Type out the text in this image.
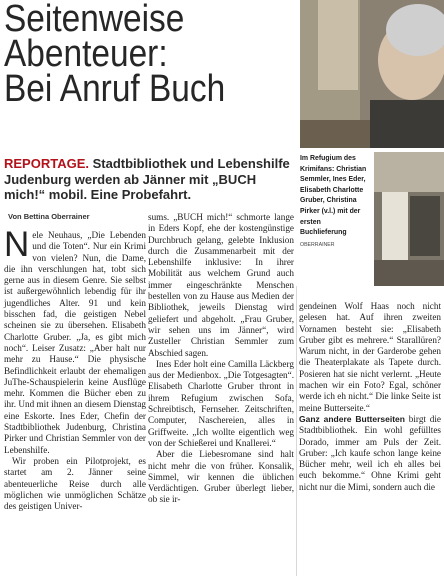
Seitenweise
Abenteuer:
Bei Anruf Buch
Im Refugium des Krimifans: Christian Semmler, Ines Eder, Elisabeth Charlotte Gruber, Christina Pirker (v.l.) mit der ersten Buchlieferung
OBERRAINER
REPORTAGE. Stadtbibliothek und Lebenshilfe Judenburg werden ab Jänner mit „BUCH mich!“ mobil. Eine Probefahrt.
Von Bettina Oberrainer

Nele Neuhaus, „Die Lebenden und die Toten“. Nur ein Krimi von vielen? Nun, die Dame, die ihn verschlungen hat, tobt sich gerne aus in diesem Genre. Sie selbst ist außergewöhnlich lebendig für ihr jugendliches Alter. 91 und kein bisschen fad, die geistigen Nebel scheinen sie zu übersehen. Elisabeth Charlotte Gruber. „Ja, es gibt mich noch“. Leiser Zusatz: „Aber halt nur mehr zu Hause.“ Die physische Befindlichkeit erlaubt der ehemaligen JuThe-Schauspielerin keine Ausflüge mehr. Kommen die Bücher eben zu ihr. Und mit ihnen an diesem Dienstag eine Eskorte. Ines Eder, Chefin der Stadtbibliothek Judenburg, Christina Pirker und Christian Semmler von der Lebenshilfe.

Wir proben ein Pilotprojekt, es startet am 2. Jänner seine abenteuerliche Reise durch alle möglichen wie unmöglichen Schätze des geistigen Univer-

sums. „BUCH mich!“ schmorte lange in Eders Kopf, ehe der kostengünstige Durchbruch gelang, gelebte Inklusion durch die Zusammenarbeit mit der Lebenshilfe inklusive: In ihrer Mobilität aus welchem Grund auch immer eingeschränkte Menschen bestellen von zu Hause aus Medien der Bibliothek, jeweils Dienstag wird geliefert und abgeholt. „Frau Gruber, wir sehen uns im Jänner“, wird Zusteller Christian Semmler zum Abschied sagen.

Ines Eder holt eine Camilla Läckberg aus der Medienbox. „Die Totgesagten“. Elisabeth Charlotte Gruber thront in ihrem Refugium zwischen Sofa, Schreibtisch, Fernseher. Zeitschriften, Computer, Naschereien, alles in Griffweite. „Ich wollte eigentlich weg von der Schießerei und Knallerei.“

Aber die Liebesromane sind halt nicht mehr die von früher. Konsalik, Simmel, wir kennen die üblichen Verdächtigen. Gruber überlegt lieber, ob sie ir-

gendeinen Wolf Haas noch nicht gelesen hat. Auf ihren zweiten Vornamen besteht sie: „Elisabeth Gruber gibt es mehrere.“ Starallüren? Warum nicht, in der Garderobe gehen die Theaterplakate als Tapete durch. Posieren hat sie nicht verlernt. „Heute machen wir ein Foto? Egal, schöner werde ich eh nicht.“ Die linke Seite ist meine Butterseite.“

Ganz andere Butterseiten birgt die Stadtbibliothek. Ein wohl gefülltes Dorado, immer am Puls der Zeit. Gruber: „Ich kaufe schon lange keine Bücher mehr, weil ich eh alles bei euch bekomme.“ Ohne Krimi geht nicht nur die Mimi, sondern auch die
